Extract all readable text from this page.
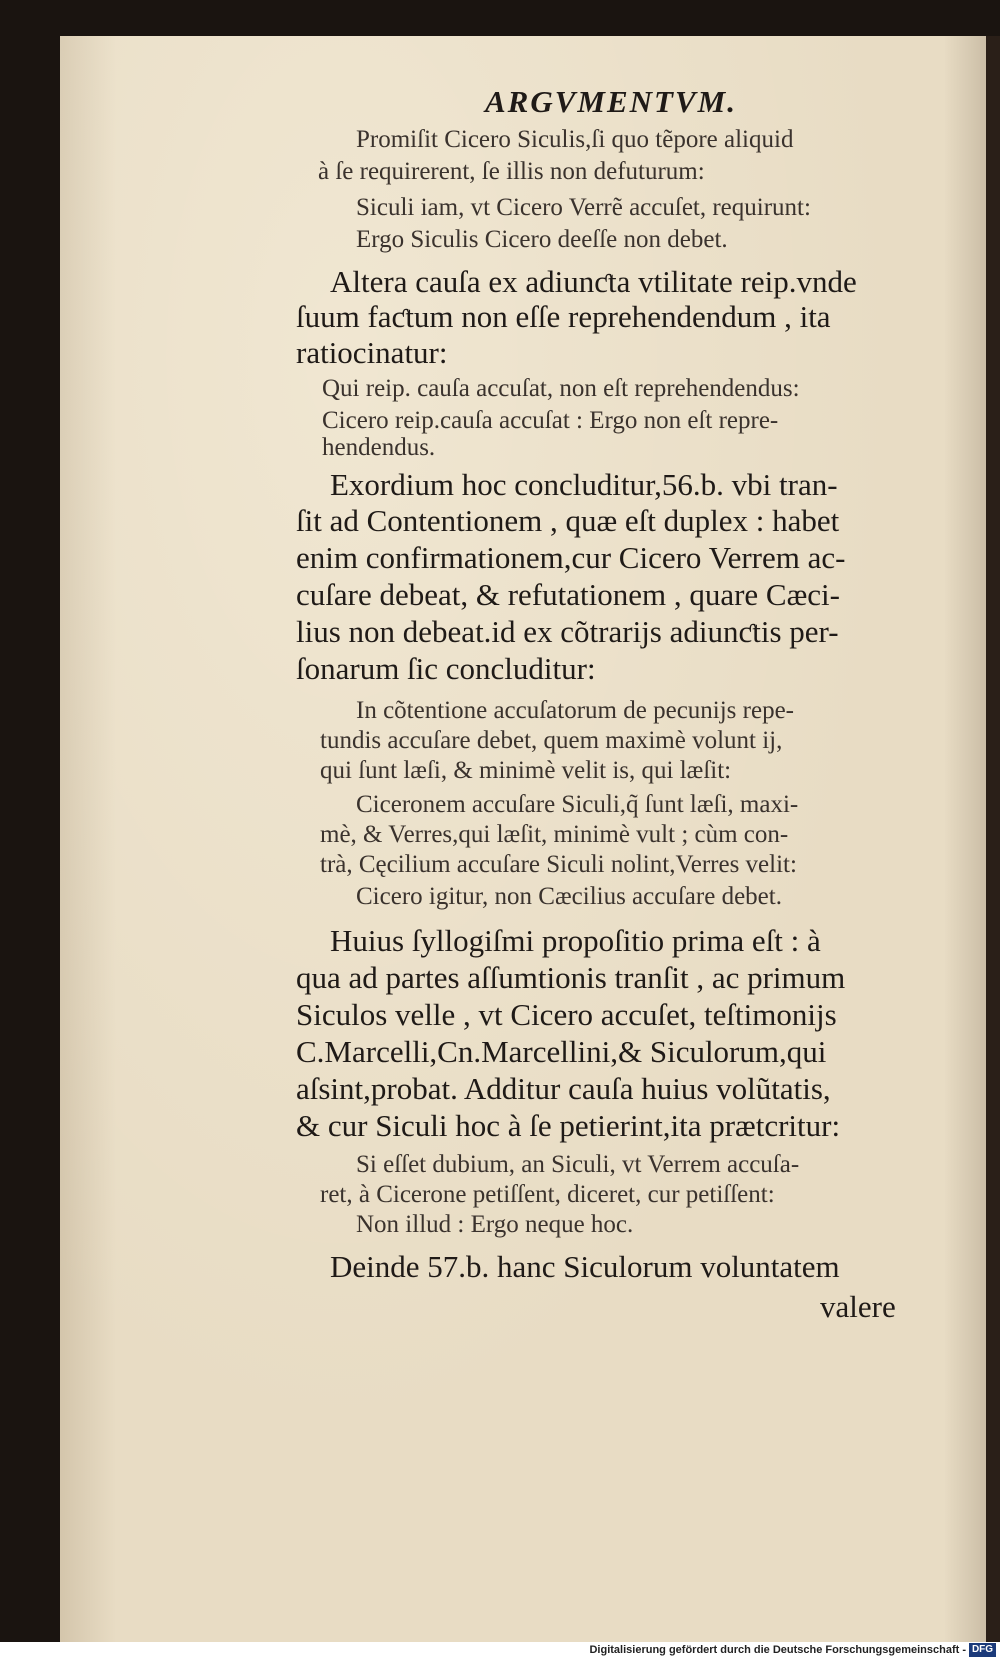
ARGVMENTVM.
Promiſit Cicero Siculis,ſi quo tẽpore aliquid
à ſe requirerent, ſe illis non defuturum:
Siculi iam, vt Cicero Verrẽ accuſet, requirunt:
Ergo Siculis Cicero deeſſe non debet.
Altera cauſa ex adiunƈta vtilitate reip.vnde
ſuum faƈtum non eſſe reprehendendum , ita
ratiocinatur:
Qui reip. cauſa accuſat, non eſt reprehendendus:
Cicero reip.cauſa accuſat : Ergo non eſt repre-
hendendus.
Exordium hoc concluditur,56.b. vbi tran-
ſit ad Contentionem , quæ eſt duplex : habet
enim confirmationem,cur Cicero Verrem ac-
cuſare debeat, & refutationem , quare Cæci-
lius non debeat.id ex cõtrarijs adiunƈtis per-
ſonarum ſic concluditur:
In cõtentione accuſatorum de pecunijs repe-
tundis accuſare debet, quem maximè volunt ij,
qui ſunt læſi, & minimè velit is, qui læſit:
Ciceronem accuſare Siculi,q̃ ſunt læſi, maxi-
mè, & Verres,qui læſit, minimè vult ; cùm con-
trà, Cęcilium accuſare Siculi nolint,Verres velit:
Cicero igitur, non Cæcilius accuſare debet.
Huius ſyllogiſmi propoſitio prima eſt : à
qua ad partes aſſumtionis tranſit , ac primum
Siculos velle , vt Cicero accuſet, teſtimonijs
C.Marcelli,Cn.Marcellini,& Siculorum,qui
aſsint,probat. Additur cauſa huius volũtatis,
& cur Siculi hoc à ſe petierint,ita prætcritur:
Si eſſet dubium, an Siculi, vt Verrem accuſa-
ret, à Cicerone petiſſent, diceret, cur petiſſent:
Non illud : Ergo neque hoc.
Deinde 57.b. hanc Siculorum voluntatem
valere
Digitalisierung gefördert durch die Deutsche Forschungsgemeinschaft - DFG
